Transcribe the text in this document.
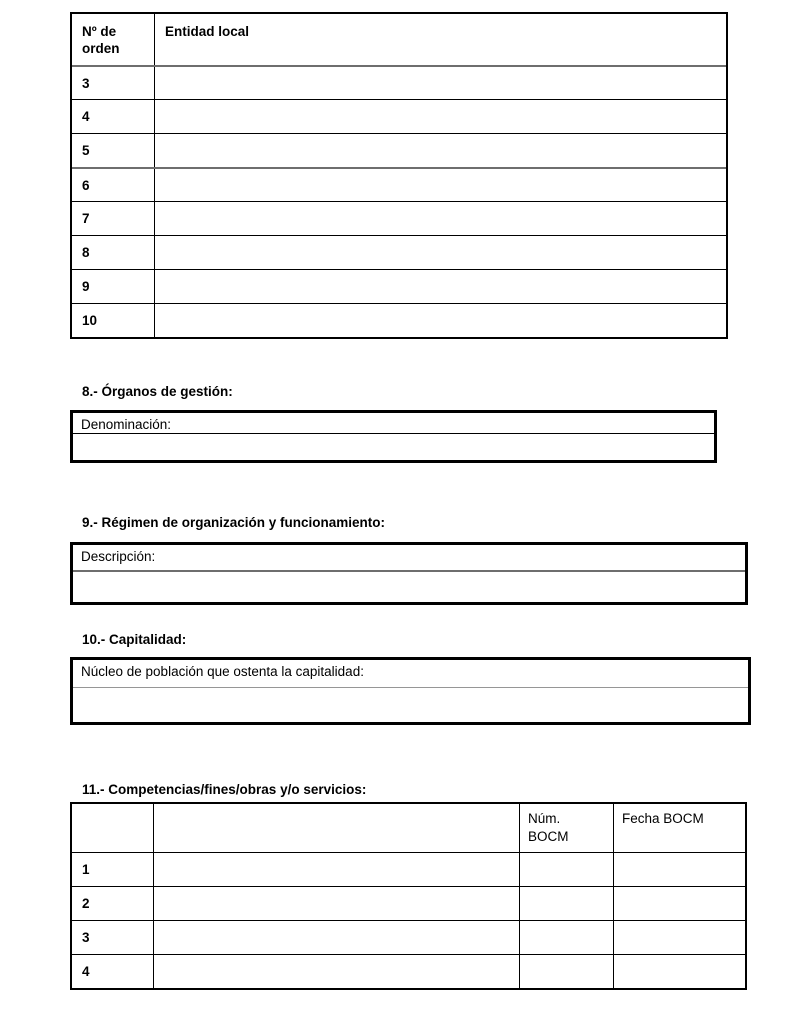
Nº de orden
Entidad local
3
4
5
6
7
8
9
10
8.- Órganos de gestión:
Denominación:
9.- Régimen de organización y funcionamiento:
Descripción:
10.- Capitalidad:
Núcleo de población que ostenta la capitalidad:
11.- Competencias/fines/obras y/o servicios:
Núm. BOCM
Fecha BOCM
1
2
3
4
